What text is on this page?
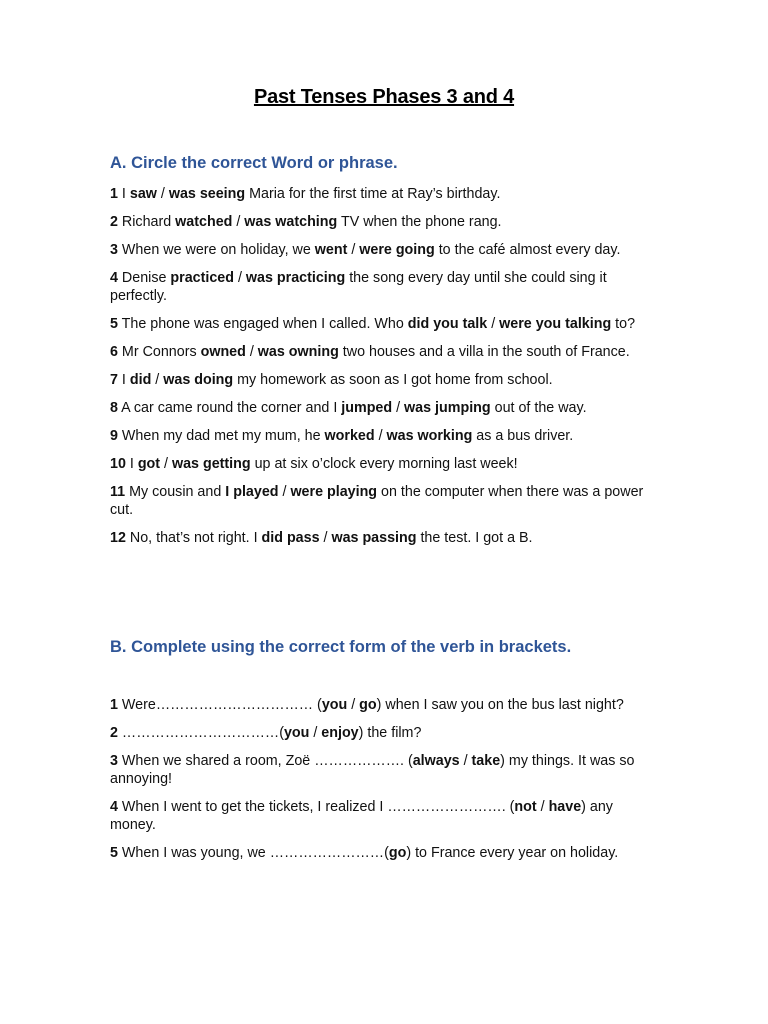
Past Tenses Phases 3 and 4
A. Circle the correct Word or phrase.
1 I saw / was seeing Maria for the first time at Ray’s birthday.
2 Richard watched / was watching TV when the phone rang.
3 When we were on holiday, we went / were going to the café almost every day.
4 Denise practiced / was practicing the song every day until she could sing it perfectly.
5 The phone was engaged when I called. Who did you talk / were you talking to?
6 Mr Connors owned / was owning two houses and a villa in the south of France.
7 I did / was doing my homework as soon as I got home from school.
8 A car came round the corner and I jumped / was jumping out of the way.
9 When my dad met my mum, he worked / was working as a bus driver.
10 I got / was getting up at six o’clock every morning last week!
11 My cousin and I played / were playing on the computer when there was a power cut.
12 No, that’s not right. I did pass / was passing the test. I got a B.
B. Complete using the correct form of the verb in brackets.
1 Were…………………………… (you / go) when I saw you on the bus last night?
2 ……………………………(you / enjoy) the film?
3 When we shared a room, Zoë ………………. (always / take) my things. It was so annoying!
4 When I went to get the tickets, I realized I ……………………. (not / have) any money.
5 When I was young, we ……………………(go) to France every year on holiday.
